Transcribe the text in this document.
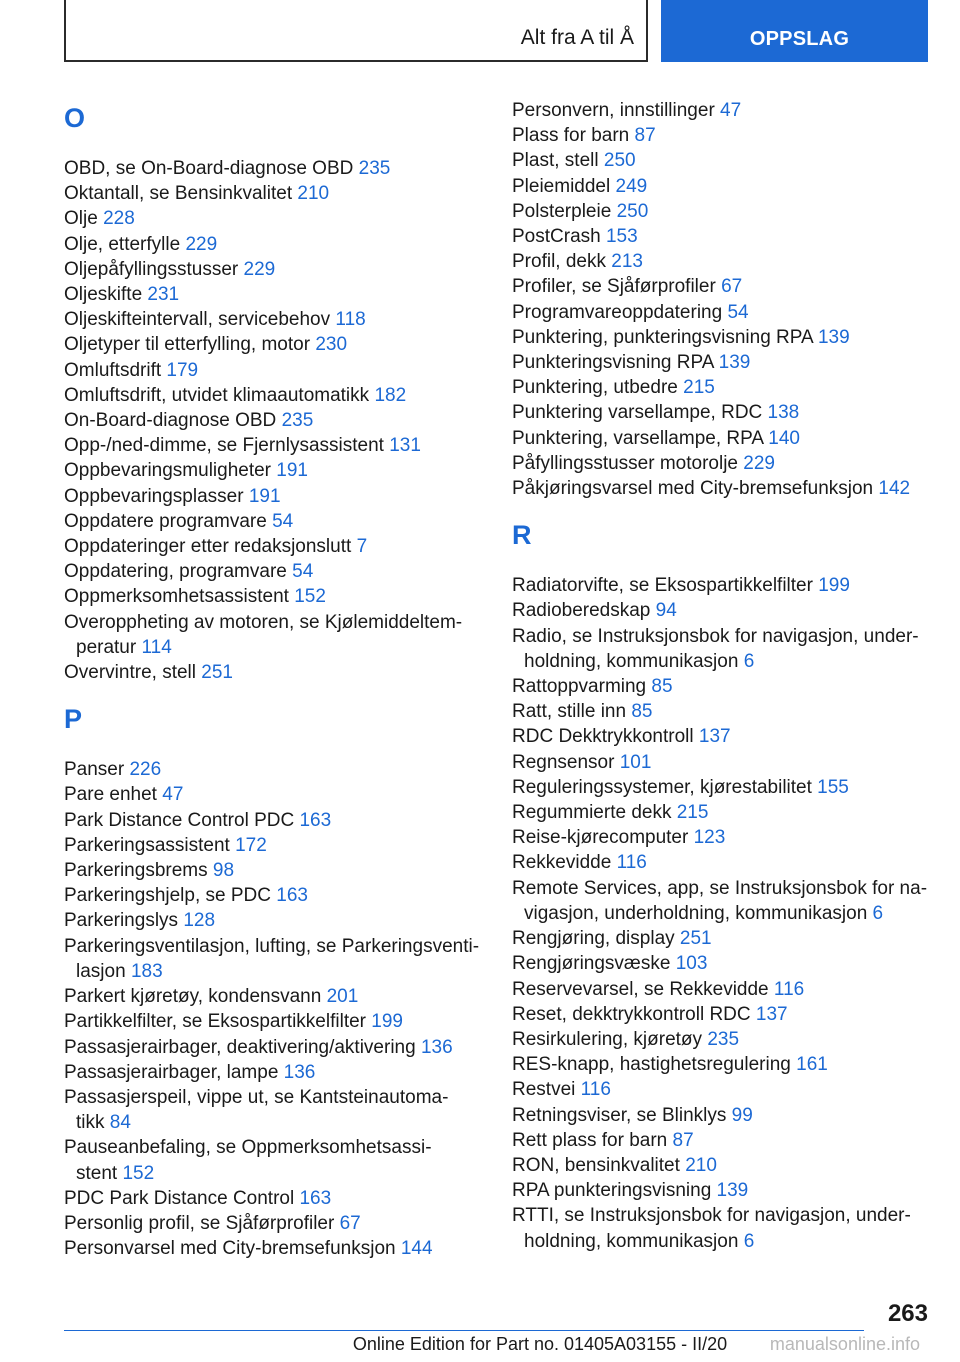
Alt fra A til Å	OPPSLAG
O
OBD, se On-Board-diagnose OBD 235
Oktantall, se Bensinkvalitet 210
Olje 228
Olje, etterfylle 229
Oljepåfyllingsstusser 229
Oljeskifte 231
Oljeskifteintervall, servicebehov 118
Oljetyper til etterfylling, motor 230
Omluftsdrift 179
Omluftsdrift, utvidet klimaautomatikk 182
On-Board-diagnose OBD 235
Opp-/ned-dimme, se Fjernlysassistent 131
Oppbevaringsmuligheter 191
Oppbevaringsplasser 191
Oppdatere programvare 54
Oppdateringer etter redaksjonslutt 7
Oppdatering, programvare 54
Oppmerksomhetsassistent 152
Overoppheting av motoren, se Kjølemiddeltem‐
peratur 114
Overvintre, stell 251
P
Panser 226
Pare enhet 47
Park Distance Control PDC 163
Parkeringsassistent 172
Parkeringsbrems 98
Parkeringshjelp, se PDC 163
Parkeringslys 128
Parkeringsventilasjon, lufting, se Parkeringsventi‐
lasjon 183
Parkert kjøretøy, kondensvann 201
Partikkelfilter, se Eksospartikkelfilter 199
Passasjerairbager, deaktivering/aktivering 136
Passasjerairbager, lampe 136
Passasjerspeil, vippe ut, se Kantsteinautoma‐
tikk 84
Pauseanbefaling, se Oppmerksomhetsassi‐
stent 152
PDC Park Distance Control 163
Personlig profil, se Sjåførprofiler 67
Personvarsel med City-bremsefunksjon 144
Personvern, innstillinger 47
Plass for barn 87
Plast, stell 250
Pleiemiddel 249
Polsterpleie 250
PostCrash 153
Profil, dekk 213
Profiler, se Sjåførprofiler 67
Programvareoppdatering 54
Punktering, punkteringsvisning RPA 139
Punkteringsvisning RPA 139
Punktering, utbedre 215
Punktering varsellampe, RDC 138
Punktering, varsellampe, RPA 140
Påfyllingsstusser motorolje 229
Påkjøringsvarsel med City-bremsefunksjon 142
R
Radiatorvifte, se Eksospartikkelfilter 199
Radioberedskap 94
Radio, se Instruksjonsbok for navigasjon, under‐
holdning, kommunikasjon 6
Rattoppvarming 85
Ratt, stille inn 85
RDC Dekktrykkontroll 137
Regnsensor 101
Reguleringssystemer, kjørestabilitet 155
Regummierte dekk 215
Reise-kjørecomputer 123
Rekkevidde 116
Remote Services, app, se Instruksjonsbok for na‐
vigasjon, underholdning, kommunikasjon 6
Rengjøring, display 251
Rengjøringsvæske 103
Reservevarsel, se Rekkevidde 116
Reset, dekktrykkontroll RDC 137
Resirkulering, kjøretøy 235
RES-knapp, hastighetsregulering 161
Restvei 116
Retningsviser, se Blinklys 99
Rett plass for barn 87
RON, bensinkvalitet 210
RPA punkteringsvisning 139
RTTI, se Instruksjonsbok for navigasjon, under‐
holdning, kommunikasjon 6
263
Online Edition for Part no. 01405A03155 - II/20	manualsonline.info
